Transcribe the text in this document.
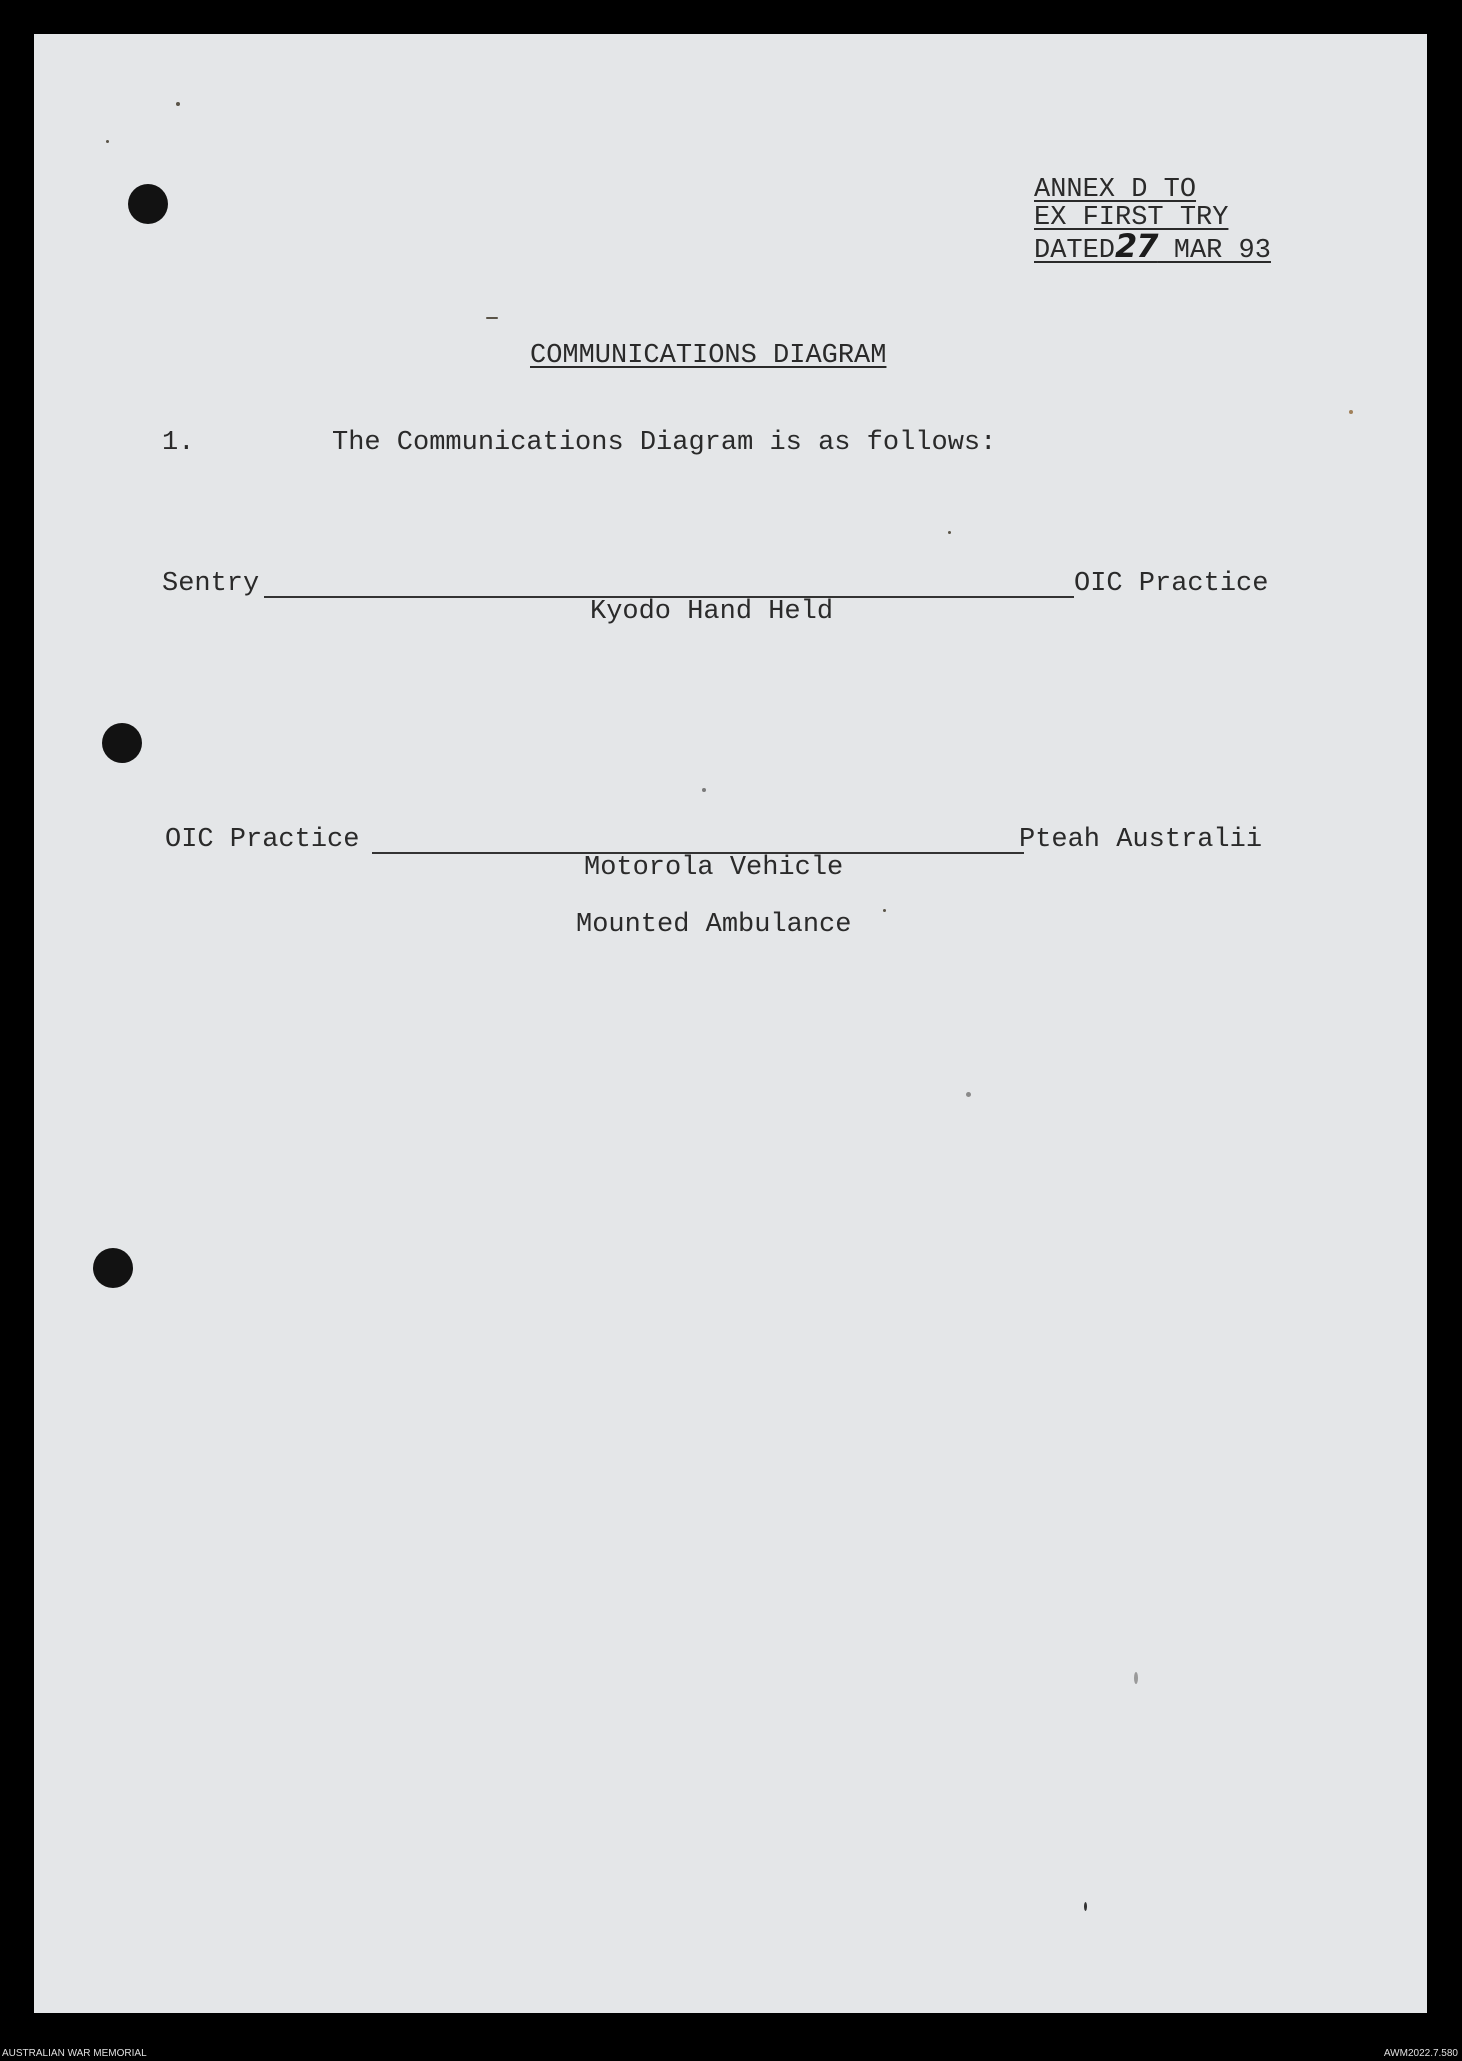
ANNEX D TO
EX FIRST TRY
DATED27 MAR 93
COMMUNICATIONS DIAGRAM
1.	The Communications Diagram is as follows:
Sentry	OIC Practice
Kyodo Hand Held
OIC Practice	Pteah Australii
Motorola Vehicle
Mounted Ambulance
AUSTRALIAN WAR MEMORIAL	AWM2022.7.580
